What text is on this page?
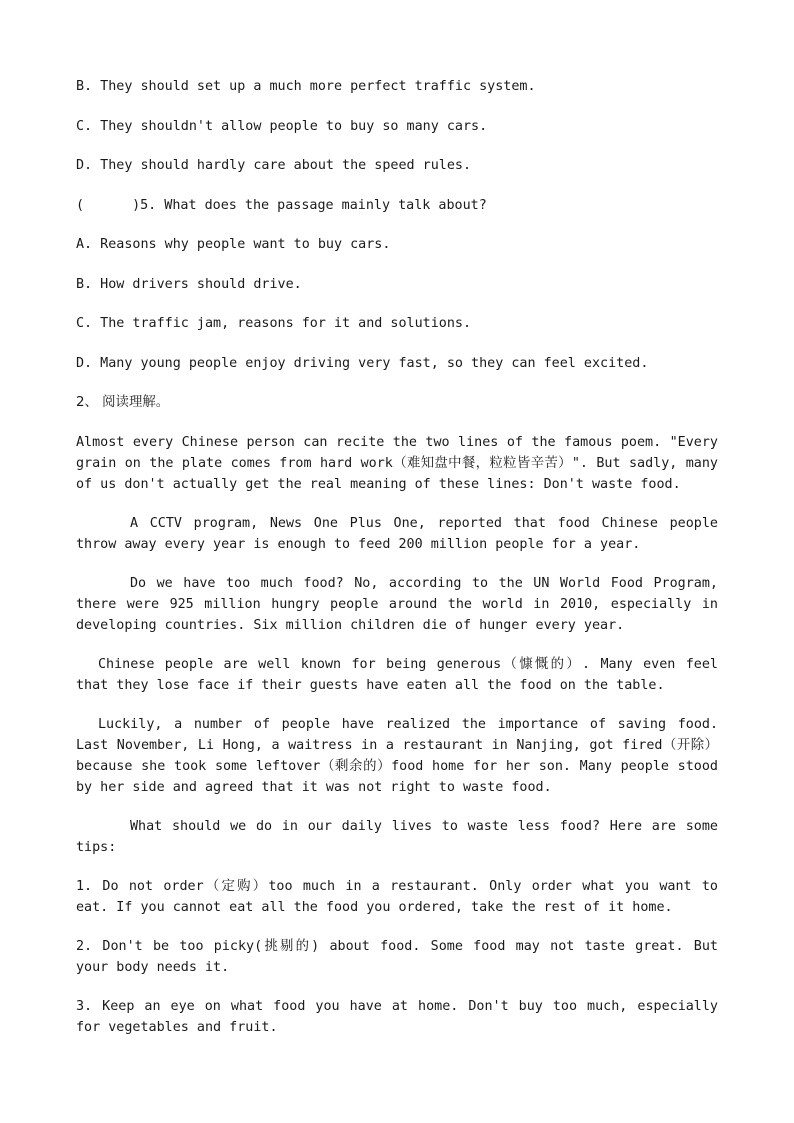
B. They should set up a much more perfect traffic system.

C. They shouldn't allow people to buy so many cars.

D. They should hardly care about the speed rules.

(	)5. What does the passage mainly talk about?

A. Reasons why people want to buy cars.

B. How drivers should drive.

C. The traffic jam, reasons for it and solutions.

D. Many young people enjoy driving very fast, so they can feel excited.

2、 阅读理解。

Almost every Chinese person can recite the two lines of the famous poem. "Every grain on the plate comes from hard work（难知盘中餐，粒粒皆辛苦）". But sadly, many of us don't actually get the real meaning of these lines: Don't waste food.

A CCTV program, News One Plus One, reported that food Chinese people throw away every year is enough to feed 200 million people for a year.

Do we have too much food? No, according to the UN World Food Program, there were 925 million hungry people around the world in 2010, especially in developing countries. Six million children die of hunger every year.

Chinese people are well known for being generous（慷慨的）. Many even feel that they lose face if their guests have eaten all the food on the table.

Luckily, a number of people have realized the importance of saving food. Last November, Li Hong, a waitress in a restaurant in Nanjing, got fired（开除）because she took some leftover（剩余的）food home for her son. Many people stood by her side and agreed that it was not right to waste food.

What should we do in our daily lives to waste less food? Here are some tips:

1. Do not order（定购）too much in a restaurant. Only order what you want to eat. If you cannot eat all the food you ordered, take the rest of it home.

2. Don't be too picky(挑剔的) about food. Some food may not taste great. But your body needs it.

3. Keep an eye on what food you have at home. Don't buy too much, especially for vegetables and fruit.
